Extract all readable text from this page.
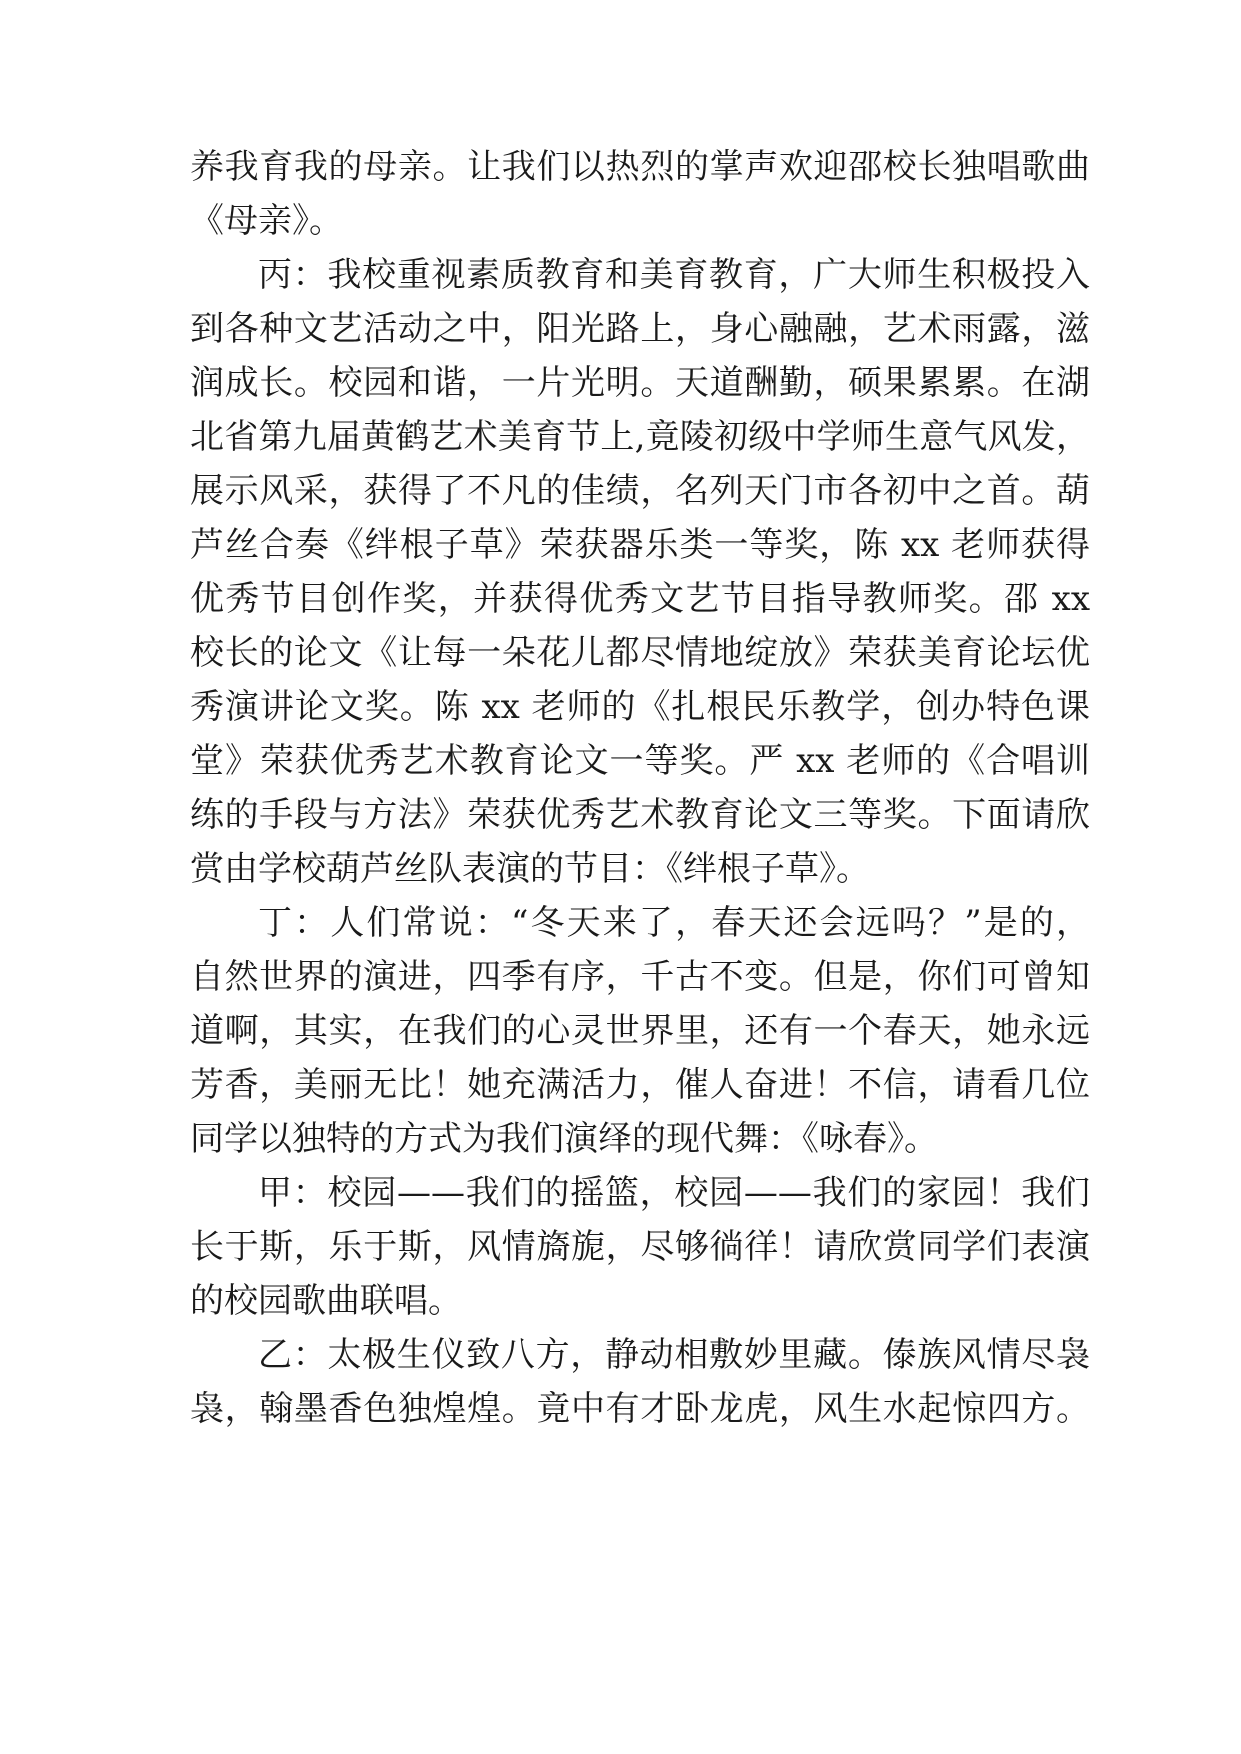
养我育我的母亲。让我们以热烈的掌声欢迎邵校长独唱歌曲
《母亲》。
丙：我校重视素质教育和美育教育，广大师生积极投入
到各种文艺活动之中，阳光路上，身心融融，艺术雨露，滋
润成长。校园和谐，一片光明。天道酬勤，硕果累累。在湖
北省第九届黄鹤艺术美育节上,竟陵初级中学师生意气风发，
展示风采，获得了不凡的佳绩，名列天门市各初中之首。葫
芦丝合奏《绊根子草》荣获器乐类一等奖，陈 xx 老师获得
优秀节目创作奖，并获得优秀文艺节目指导教师奖。邵 xx
校长的论文《让每一朵花儿都尽情地绽放》荣获美育论坛优
秀演讲论文奖。陈 xx 老师的《扎根民乐教学，创办特色课
堂》荣获优秀艺术教育论文一等奖。严 xx 老师的《合唱训
练的手段与方法》荣获优秀艺术教育论文三等奖。下面请欣
赏由学校葫芦丝队表演的节目：《绊根子草》。
丁：人们常说：“冬天来了，春天还会远吗？”是的，
自然世界的演进，四季有序，千古不变。但是，你们可曾知
道啊，其实，在我们的心灵世界里，还有一个春天，她永远
芳香，美丽无比！她充满活力，催人奋进！不信，请看几位
同学以独特的方式为我们演绎的现代舞：《咏春》。
甲：校园——我们的摇篮，校园——我们的家园！我们
长于斯，乐于斯，风情旖旎，尽够徜徉！请欣赏同学们表演
的校园歌曲联唱。
乙：太极生仪致八方，静动相敷妙里藏。傣族风情尽袅
袅，翰墨香色独煌煌。竟中有才卧龙虎，风生水起惊四方。
